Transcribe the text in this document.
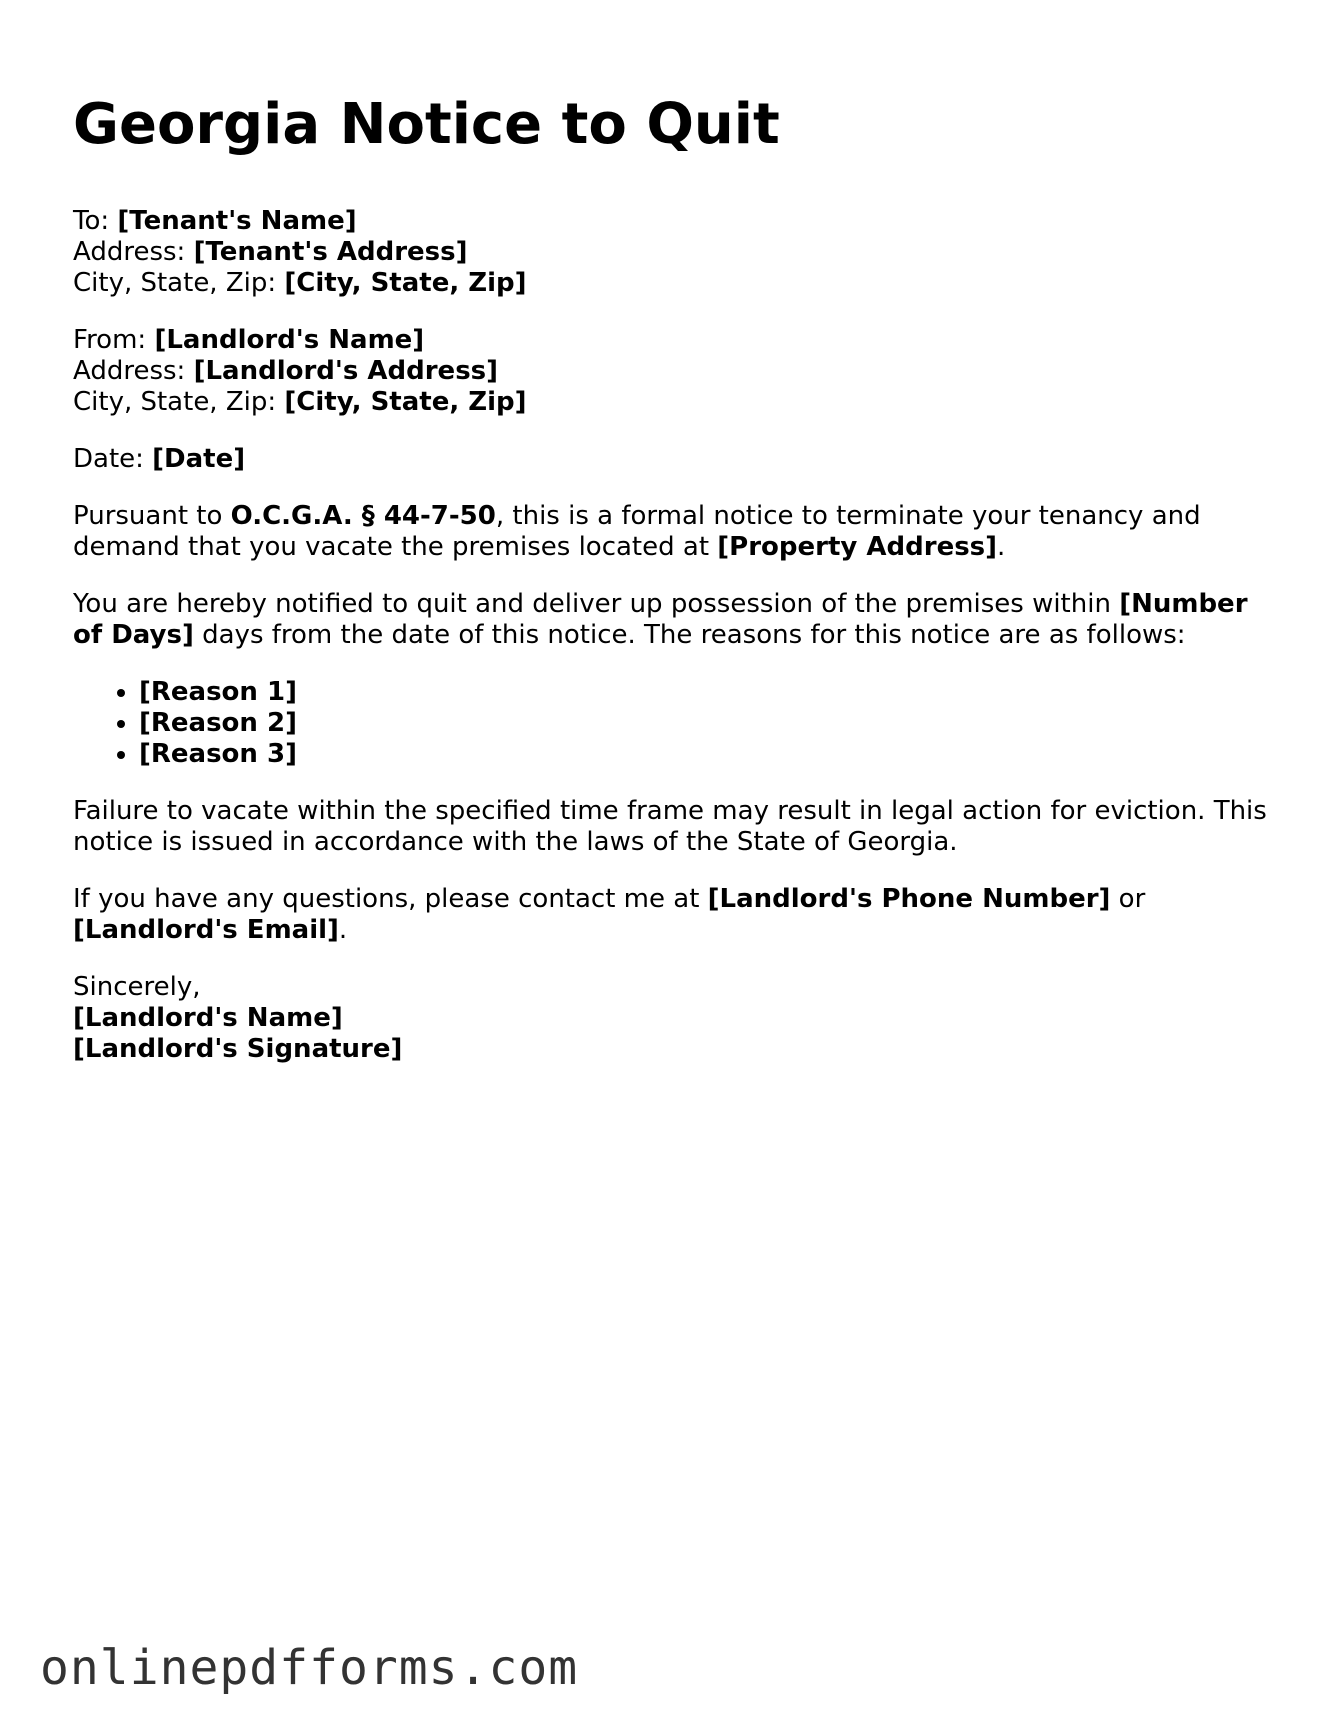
Georgia Notice to Quit
To: [Tenant's Name]
Address: [Tenant's Address]
City, State, Zip: [City, State, Zip]
From: [Landlord's Name]
Address: [Landlord's Address]
City, State, Zip: [City, State, Zip]
Date: [Date]

Pursuant to O.C.G.A. § 44-7-50, this is a formal notice to terminate your tenancy and demand that you vacate the premises located at [Property Address].

You are hereby notified to quit and deliver up possession of the premises within [Number of Days] days from the date of this notice. The reasons for this notice are as follows:

• [Reason 1]
• [Reason 2]
• [Reason 3]

Failure to vacate within the specified time frame may result in legal action for eviction. This notice is issued in accordance with the laws of the State of Georgia.

If you have any questions, please contact me at [Landlord's Phone Number] or [Landlord's Email].

Sincerely,
[Landlord's Name]
[Landlord's Signature]
onlinepdfforms.com
